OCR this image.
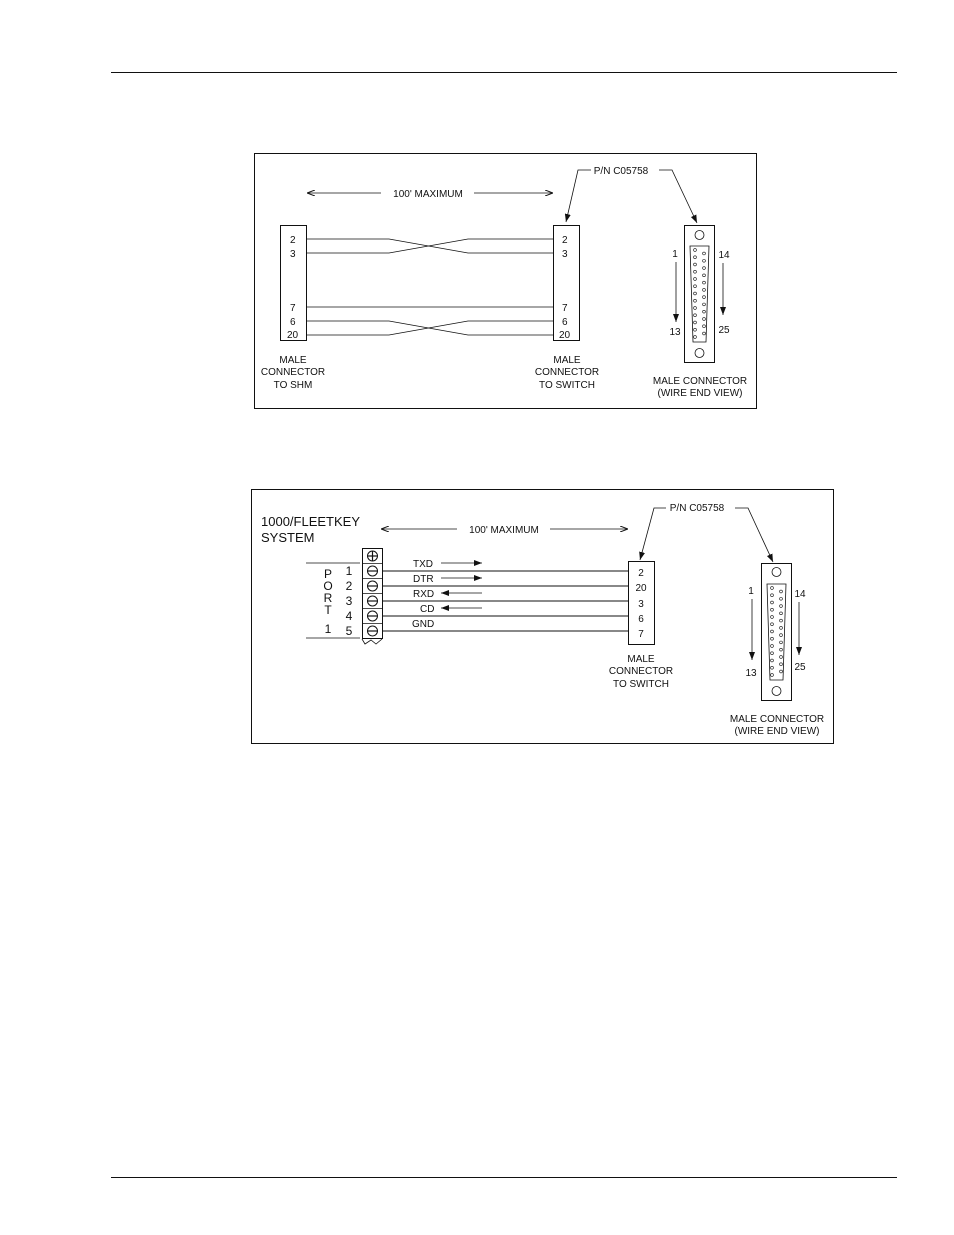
100' MAXIMUM
P/N C05758
2
3
7
6
20
MALE
CONNECTOR
TO SHM
2
3
7
6
20
MALE
CONNECTOR
TO SWITCH
1
13
14
25
MALE CONNECTOR
(WIRE END VIEW)
1000/FLEETKEY
SYSTEM	100' MAXIMUM
P/N C05758
P
O
R
T
1
1
2
3
4
5
TXD
DTR
RXD
CD
GND
2
20
3
6
7
MALE
CONNECTOR
TO SWITCH
1
13
14
25
MALE CONNECTOR
(WIRE END VIEW)
